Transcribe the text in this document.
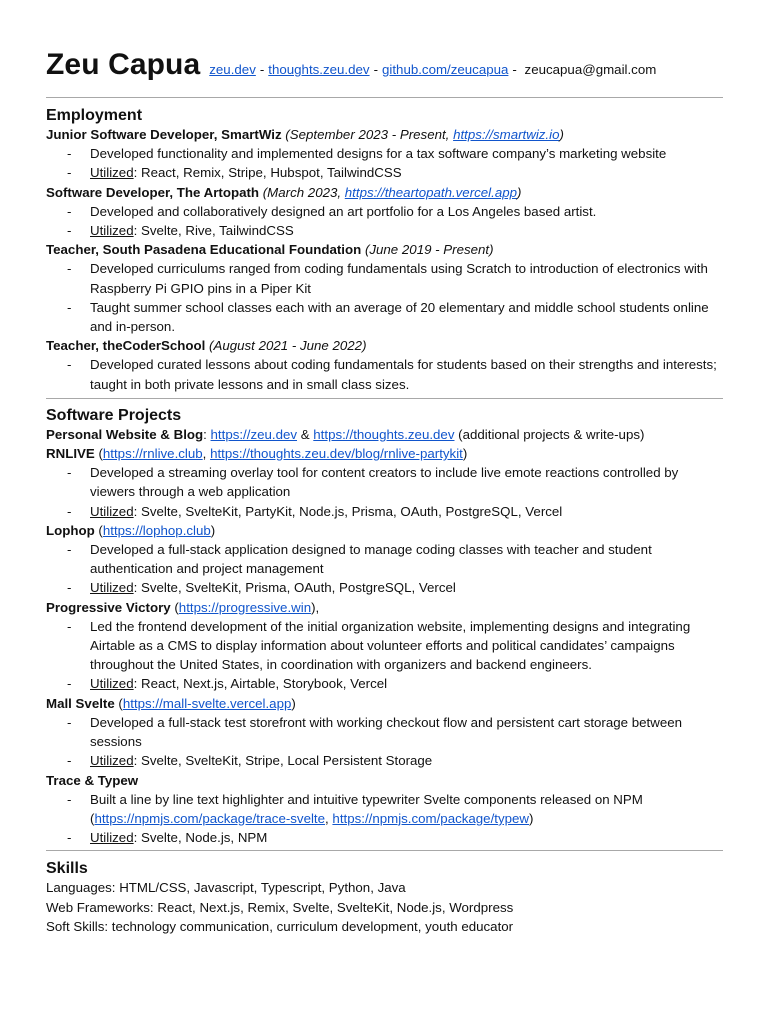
Zeu Capua zeu.dev - thoughts.zeu.dev - github.com/zeucapua - zeucapua@gmail.com
Employment
Junior Software Developer, SmartWiz (September 2023 - Present, https://smartwiz.io)
- Developed functionality and implemented designs for a tax software company’s marketing website
- Utilized: React, Remix, Stripe, Hubspot, TailwindCSS
Software Developer, The Artopath (March 2023, https://theartopath.vercel.app)
- Developed and collaboratively designed an art portfolio for a Los Angeles based artist.
- Utilized: Svelte, Rive, TailwindCSS
Teacher, South Pasadena Educational Foundation (June 2019 - Present)
- Developed curriculums ranged from coding fundamentals using Scratch to introduction of electronics with Raspberry Pi GPIO pins in a Piper Kit
- Taught summer school classes each with an average of 20 elementary and middle school students online and in-person.
Teacher, theCoderSchool (August 2021 - June 2022)
- Developed curated lessons about coding fundamentals for students based on their strengths and interests; taught in both private lessons and in small class sizes.
Software Projects
Personal Website & Blog: https://zeu.dev & https://thoughts.zeu.dev (additional projects & write-ups)
RNLIVE (https://rnlive.club, https://thoughts.zeu.dev/blog/rnlive-partykit)
- Developed a streaming overlay tool for content creators to include live emote reactions controlled by viewers through a web application
- Utilized: Svelte, SvelteKit, PartyKit, Node.js, Prisma, OAuth, PostgreSQL, Vercel
Lophop (https://lophop.club)
- Developed a full-stack application designed to manage coding classes with teacher and student authentication and project management
- Utilized: Svelte, SvelteKit, Prisma, OAuth, PostgreSQL, Vercel
Progressive Victory (https://progressive.win),
- Led the frontend development of the initial organization website, implementing designs and integrating Airtable as a CMS to display information about volunteer efforts and political candidates’ campaigns throughout the United States, in coordination with organizers and backend engineers.
- Utilized: React, Next.js, Airtable, Storybook, Vercel
Mall Svelte (https://mall-svelte.vercel.app)
- Developed a full-stack test storefront with working checkout flow and persistent cart storage between sessions
- Utilized: Svelte, SvelteKit, Stripe, Local Persistent Storage
Trace & Typew
- Built a line by line text highlighter and intuitive typewriter Svelte components released on NPM (https://npmjs.com/package/trace-svelte, https://npmjs.com/package/typew)
- Utilized: Svelte, Node.js, NPM
Skills
Languages: HTML/CSS, Javascript, Typescript, Python, Java
Web Frameworks: React, Next.js, Remix, Svelte, SvelteKit, Node.js, Wordpress
Soft Skills: technology communication, curriculum development, youth educator
